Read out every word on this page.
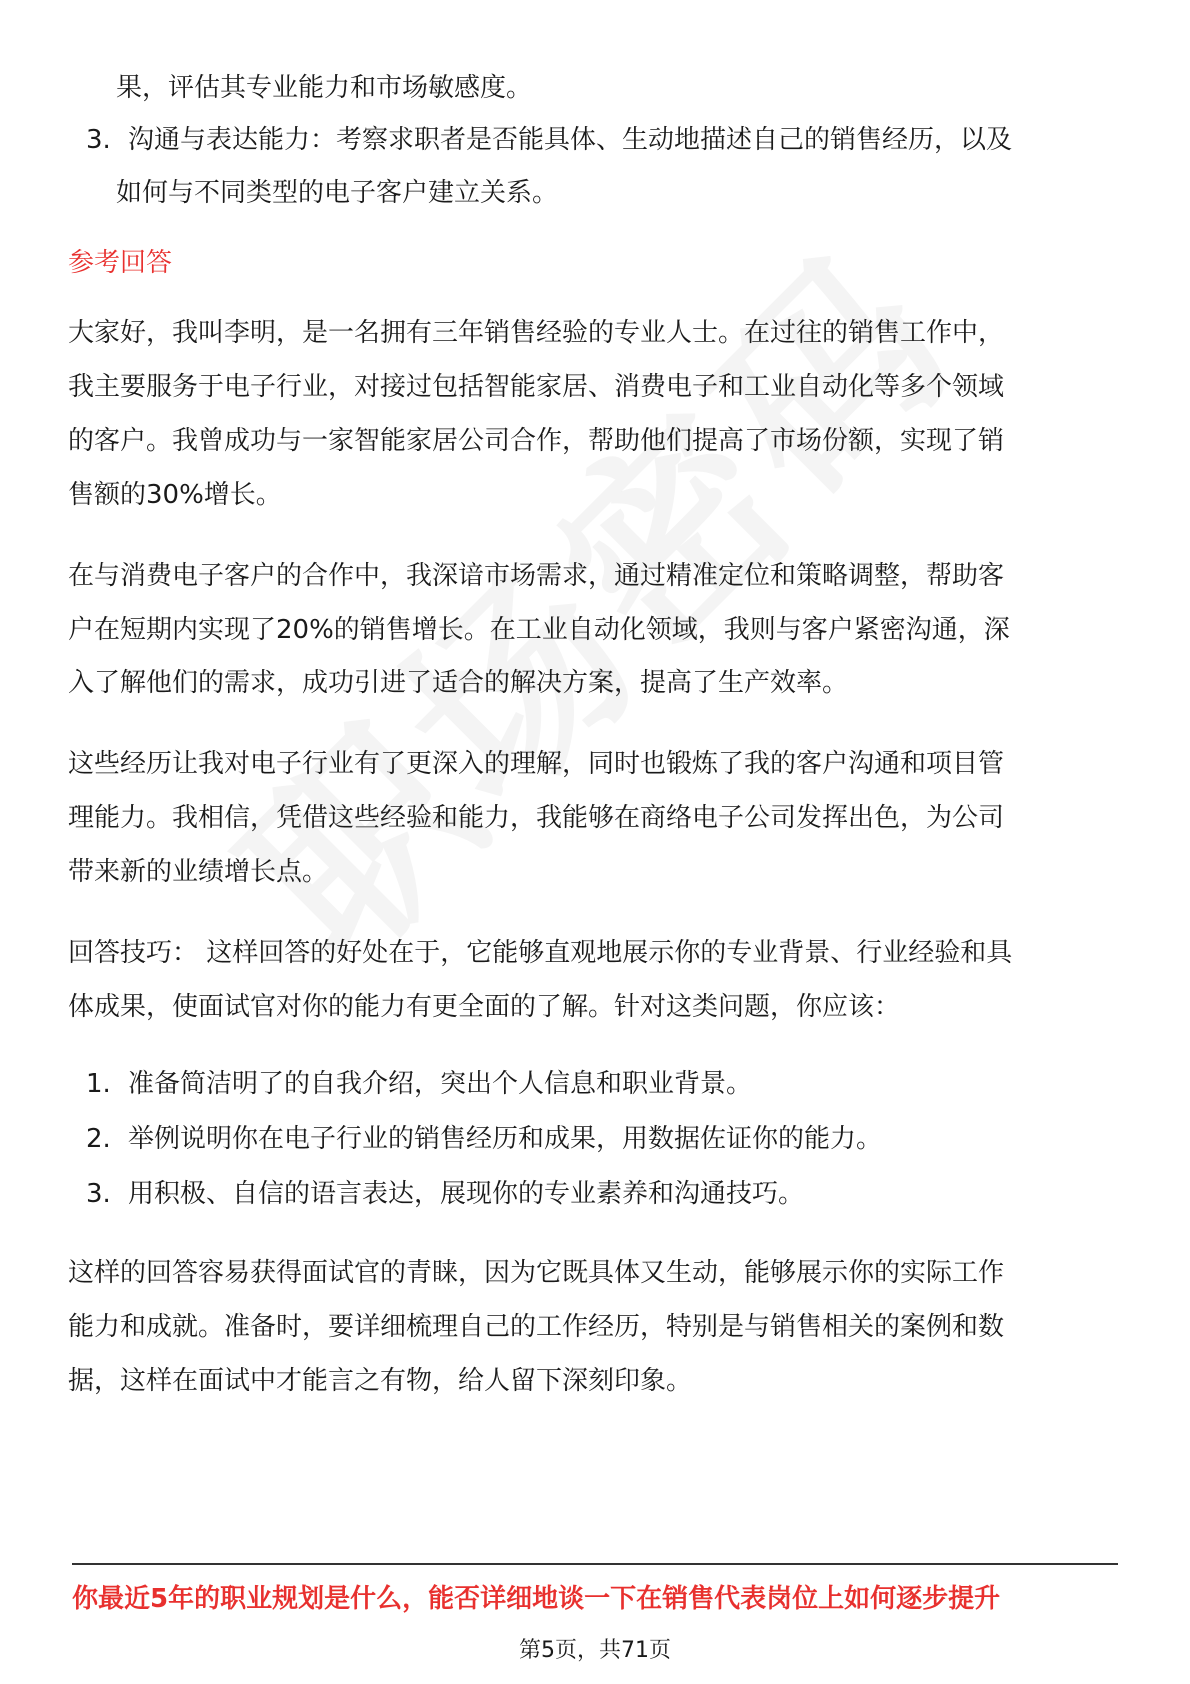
果，评估其专业能力和市场敏感度。
3. 沟通与表达能力：考察求职者是否能具体、生动地描述自己的销售经历，以及
如何与不同类型的电子客户建立关系。
参考回答
大家好，我叫李明，是一名拥有三年销售经验的专业人士。在过往的销售工作中，
我主要服务于电子行业，对接过包括智能家居、消费电子和工业自动化等多个领域
的客户。我曾成功与一家智能家居公司合作，帮助他们提高了市场份额，实现了销
售额的30%增长。
在与消费电子客户的合作中，我深谙市场需求，通过精准定位和策略调整，帮助客
户在短期内实现了20%的销售增长。在工业自动化领域，我则与客户紧密沟通，深
入了解他们的需求，成功引进了适合的解决方案，提高了生产效率。
这些经历让我对电子行业有了更深入的理解，同时也锻炼了我的客户沟通和项目管
理能力。我相信，凭借这些经验和能力，我能够在商络电子公司发挥出色，为公司
带来新的业绩增长点。
回答技巧： 这样回答的好处在于，它能够直观地展示你的专业背景、行业经验和具
体成果，使面试官对你的能力有更全面的了解。针对这类问题，你应该：
1. 准备简洁明了的自我介绍，突出个人信息和职业背景。
2. 举例说明你在电子行业的销售经历和成果，用数据佐证你的能力。
3. 用积极、自信的语言表达，展现你的专业素养和沟通技巧。
这样的回答容易获得面试官的青睐，因为它既具体又生动，能够展示你的实际工作
能力和成就。准备时，要详细梳理自己的工作经历，特别是与销售相关的案例和数
据，这样在面试中才能言之有物，给人留下深刻印象。
你最近5年的职业规划是什么，能否详细地谈一下在销售代表岗位上如何逐步提升
第5页，共71页
